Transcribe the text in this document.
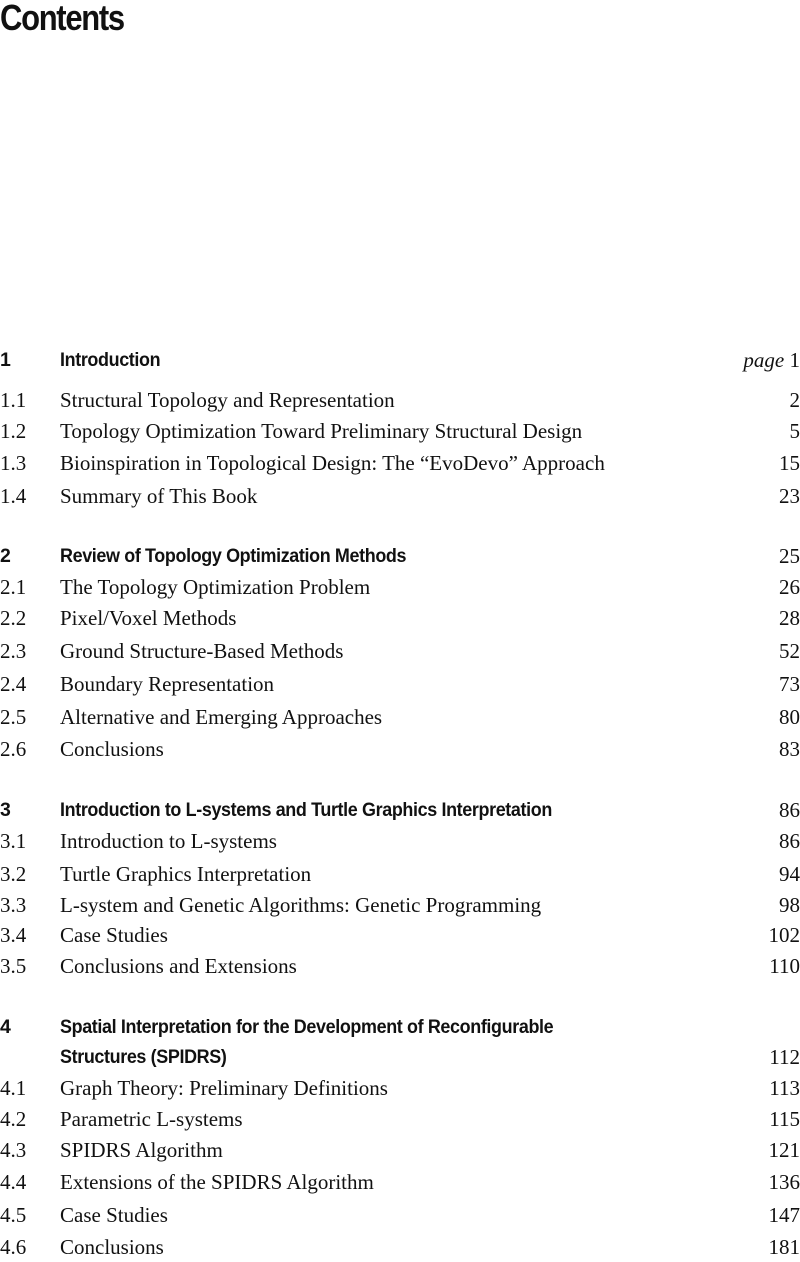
Contents
1	Introduction	page 1
1.1 Structural Topology and Representation	2
1.2 Topology Optimization Toward Preliminary Structural Design	5
1.3 Bioinspiration in Topological Design: The “EvoDevo” Approach	15
1.4 Summary of This Book	23
2	Review of Topology Optimization Methods	25
2.1 The Topology Optimization Problem	26
2.2 Pixel/Voxel Methods	28
2.3 Ground Structure-Based Methods	52
2.4 Boundary Representation	73
2.5 Alternative and Emerging Approaches	80
2.6 Conclusions	83
3	Introduction to L-systems and Turtle Graphics Interpretation	86
3.1 Introduction to L-systems	86
3.2 Turtle Graphics Interpretation	94
3.3 L-system and Genetic Algorithms: Genetic Programming	98
3.4 Case Studies	102
3.5 Conclusions and Extensions	110
4	Spatial Interpretation for the Development of Reconfigurable
Structures (SPIDRS)	112
4.1 Graph Theory: Preliminary Definitions	113
4.2 Parametric L-systems	115
4.3 SPIDRS Algorithm	121
4.4 Extensions of the SPIDRS Algorithm	136
4.5 Case Studies	147
4.6 Conclusions	181
